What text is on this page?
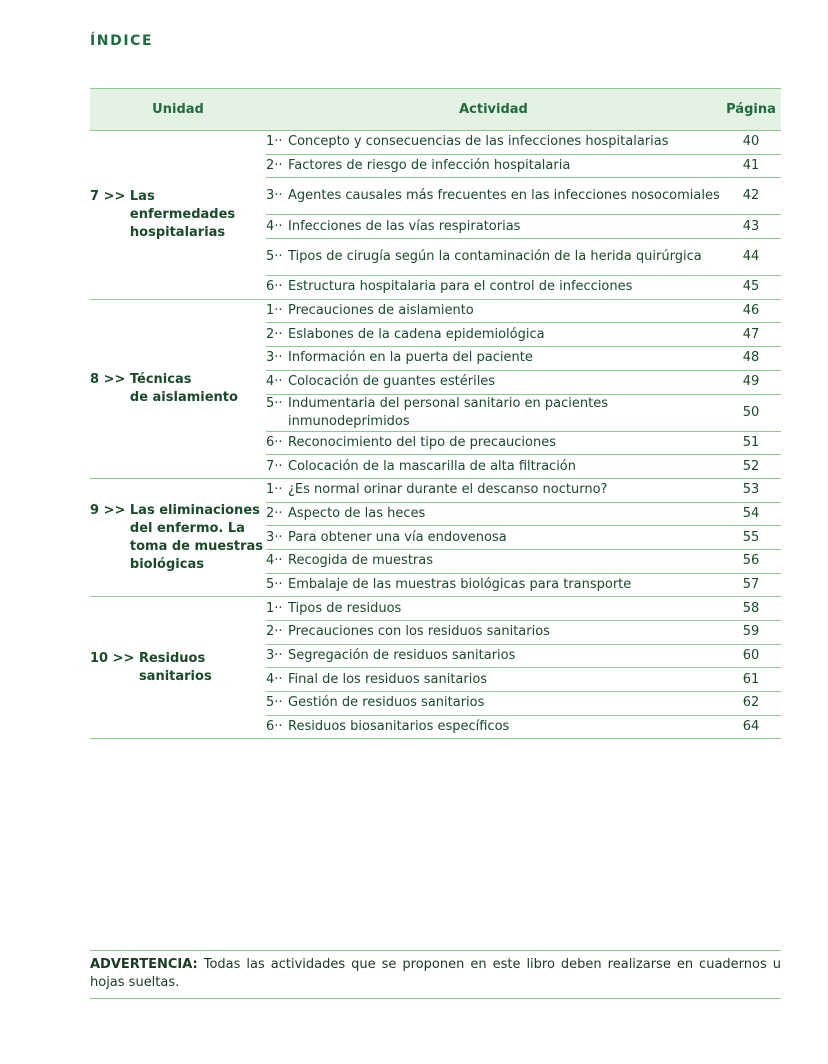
ÍNDICE
Unidad	Actividad	Página

7 >> Las
enfermedades
hospitalarias	1·· Concepto y consecuencias de las infecciones hospitalarias	40

	2·· Factores de riesgo de infección hospitalaria	41

	3·· Agentes causales más frecuentes en las infecciones nosocomiales	42

	4·· Infecciones de las vías respiratorias	43

	5·· Tipos de cirugía según la contaminación de la herida quirúrgica	44

	6·· Estructura hospitalaria para el control de infecciones	45

8 >> Técnicas
de aislamiento	1·· Precauciones de aislamiento	46

	2·· Eslabones de la cadena epidemiológica	47

	3·· Información en la puerta del paciente	48

	4·· Colocación de guantes estériles	49

	5·· Indumentaria del personal sanitario en pacientes inmunodeprimidos	50

	6·· Reconocimiento del tipo de precauciones	51

	7·· Colocación de la mascarilla de alta filtración	52

9 >> Las eliminaciones
del enfermo. La
toma de muestras
biológicas	1·· ¿Es normal orinar durante el descanso nocturno?	53

	2·· Aspecto de las heces	54

	3·· Para obtener una vía endovenosa	55

	4·· Recogida de muestras	56

	5·· Embalaje de las muestras biológicas para transporte	57

10 >> Residuos
sanitarios	1·· Tipos de residuos	58

	2·· Precauciones con los residuos sanitarios	59

	3·· Segregación de residuos sanitarios	60

	4·· Final de los residuos sanitarios	61

	5·· Gestión de residuos sanitarios	62

	6·· Residuos biosanitarios específicos	64
ADVERTENCIA: Todas las actividades que se proponen en este libro deben realizarse en cuadernos u hojas sueltas.
